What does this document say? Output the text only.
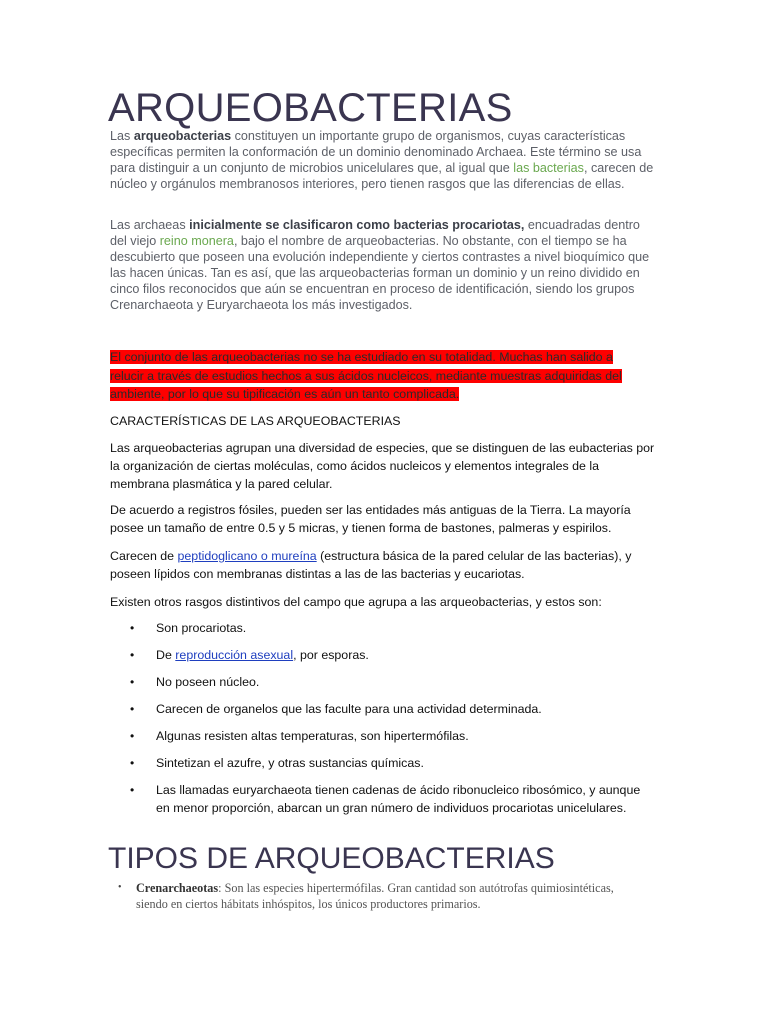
ARQUEOBACTERIAS
Las arqueobacterias constituyen un importante grupo de organismos, cuyas características específicas permiten la conformación de un dominio denominado Archaea. Este término se usa para distinguir a un conjunto de microbios unicelulares que, al igual que las bacterias, carecen de núcleo y orgánulos membranosos interiores, pero tienen rasgos que las diferencias de ellas.
Las archaeas inicialmente se clasificaron como bacterias procariotas, encuadradas dentro del viejo reino monera, bajo el nombre de arqueobacterias. No obstante, con el tiempo se ha descubierto que poseen una evolución independiente y ciertos contrastes a nivel bioquímico que las hacen únicas. Tan es así, que las arqueobacterias forman un dominio y un reino dividido en cinco filos reconocidos que aún se encuentran en proceso de identificación, siendo los grupos Crenarchaeota y Euryarchaeota los más investigados.
El conjunto de las arqueobacterias no se ha estudiado en su totalidad. Muchas han salido a relucir a través de estudios hechos a sus ácidos nucleicos, mediante muestras adquiridas del ambiente, por lo que su tipificación es aún un tanto complicada.
CARACTERÍSTICAS DE LAS ARQUEOBACTERIAS
Las arqueobacterias agrupan una diversidad de especies, que se distinguen de las eubacterias por la organización de ciertas moléculas, como ácidos nucleicos y elementos integrales de la membrana plasmática y la pared celular.
De acuerdo a registros fósiles, pueden ser las entidades más antiguas de la Tierra. La mayoría posee un tamaño de entre 0.5 y 5 micras, y tienen forma de bastones, palmeras y espirilos.
Carecen de peptidoglicano o mureína (estructura básica de la pared celular de las bacterias), y poseen lípidos con membranas distintas a las de las bacterias y eucariotas.
Existen otros rasgos distintivos del campo que agrupa a las arqueobacterias, y estos son:
• Son procariotas.
• De reproducción asexual, por esporas.
• No poseen núcleo.
• Carecen de organelos que las faculte para una actividad determinada.
• Algunas resisten altas temperaturas, son hipertermófilas.
• Sintetizan el azufre, y otras sustancias químicas.
• Las llamadas euryarchaeota tienen cadenas de ácido ribonucleico ribosómico, y aunque en menor proporción, abarcan un gran número de individuos procariotas unicelulares.
TIPOS DE ARQUEOBACTERIAS
•	Crenarchaeotas: Son las especies hipertermófilas. Gran cantidad son autótrofas quimiosintéticas, siendo en ciertos hábitats inhóspitos, los únicos productores primarios.
